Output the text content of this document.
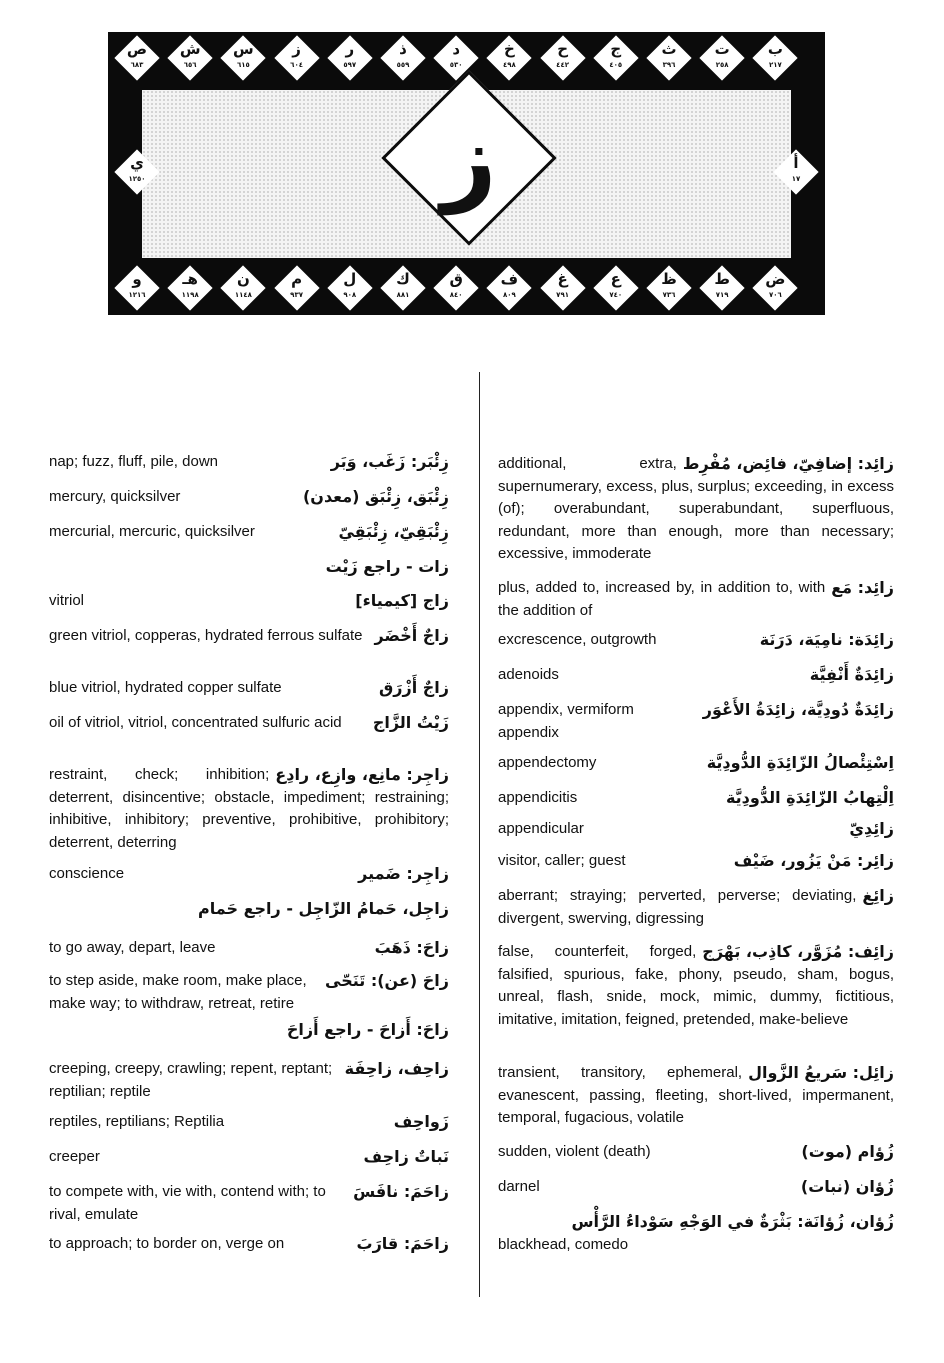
ص
٦٨٣
ش
٦٥٦
س
٦١٥
ز
٦٠٤
ر
٥٩٧
ذ
٥٥٩
د
٥٣٠
خ
٤٩٨
ح
٤٤٢
ج
٤٠٥
ث
٣٩٦
ت
٢٥٨
ب
٢١٧
و
١٢١٦
هـ
١١٩٨
ن
١١٤٨
م
٩٣٧
ل
٩٠٨
ك
٨٨١
ق
٨٤٠
ف
٨٠٩
غ
٧٩١
ع
٧٤٠
ظ
٧٣٦
ط
٧١٩
ض
٧٠٦
ي
١٢٥٠
أ
١٧
ز
زِئْبَر: زَغَب، وَبَر
nap; fuzz, fluff, pile, down
زِئْبَق، زِئْبَق (معدن)
mercury, quicksilver
زِئْبَقِيّ، زِئْبَقِيّ
mercurial, mercuric, quicksilver
زات - راجع زَيْت
زاج [كيمياء]
vitriol
زاجٌ أَخْضَر
green vitriol, copperas, hydrated ferrous sulfate
زاجٌ أَزْرَق
blue vitriol, hydrated copper sulfate
زَيْتُ الزَّاج
oil of vitriol, vitriol, concentrated sulfuric acid
زاجِر: مانِع، وازِع، رادِع
restraint, check; inhibition; deterrent, disincentive; obstacle, impediment; restraining; inhibitive, inhibitory; preventive, prohibitive, prohibitory; deterrent, deterring
زاجِر: ضَمير
conscience
زاجِل، حَمامُ الزّاجِل - راجع حَمام
زاحَ: ذَهَبَ
to go away, depart, leave
زاحَ (عن): تَنَحّى
to step aside, make room, make place, make way; to withdraw, retreat, retire
زاحَ: أَزاحَ - راجع أَزاحَ
زاحِف، زاحِفَة
creeping, creepy, crawling; repent, reptant; reptilian; reptile
زَواحِف
reptiles, reptilians; Reptilia
نَباتٌ زاحِف
creeper
زاحَمَ: نافَسَ
to compete with, vie with, contend with; to rival, emulate
زاحَمَ: قارَبَ
to approach; to border on, verge on
زائِد: إضافِيّ، فائِض، مُفْرِط
additional, extra, supernumerary, excess, plus, surplus; exceeding, in excess (of); overabundant, superabundant, superfluous, redundant, more than enough, more than necessary; excessive, immoderate
زائِد: مَع
plus, added to, increased by, in addition to, with the addition of
زائِدَة: نامِيَة، دَرَنَة
excrescence, outgrowth
زائِدَةٌ أَنْفِيَّة
adenoids
زائِدَةٌ دُودِيَّة، زائِدَةُ الأَعْوَر
appendix, vermiform appendix
اِسْتِئْصالُ الزّائِدَةِ الدُّودِيَّة
appendectomy
اِلْتِهابُ الزّائِدَةِ الدُّودِيَّة
appendicitis
زائِدِيّ
appendicular
زائِر: مَنْ يَزُور، ضَيْف
visitor, caller; guest
زائِغ
aberrant; straying; perverted, perverse; deviating, divergent, swerving, digressing
زائِف: مُزَوَّر، كاذِب، بَهْرَج
false, counterfeit, forged, falsified, spurious, fake, phony, pseudo, sham, bogus, unreal, flash, snide, mock, mimic, dummy, fictitious, imitative, imitation, feigned, pretended, make-believe
زائِل: سَريعُ الزَّوال
transient, transitory, ephemeral, evanescent, passing, fleeting, short-lived, impermanent, temporal, fugacious, volatile
زُؤام (موت)
sudden, violent (death)
زُؤان (نبات)
darnel
زُؤان، زُؤانَة: بَثْرَةٌ في الوَجْهِ سَوْداءُ الرَّأْس
blackhead, comedo
